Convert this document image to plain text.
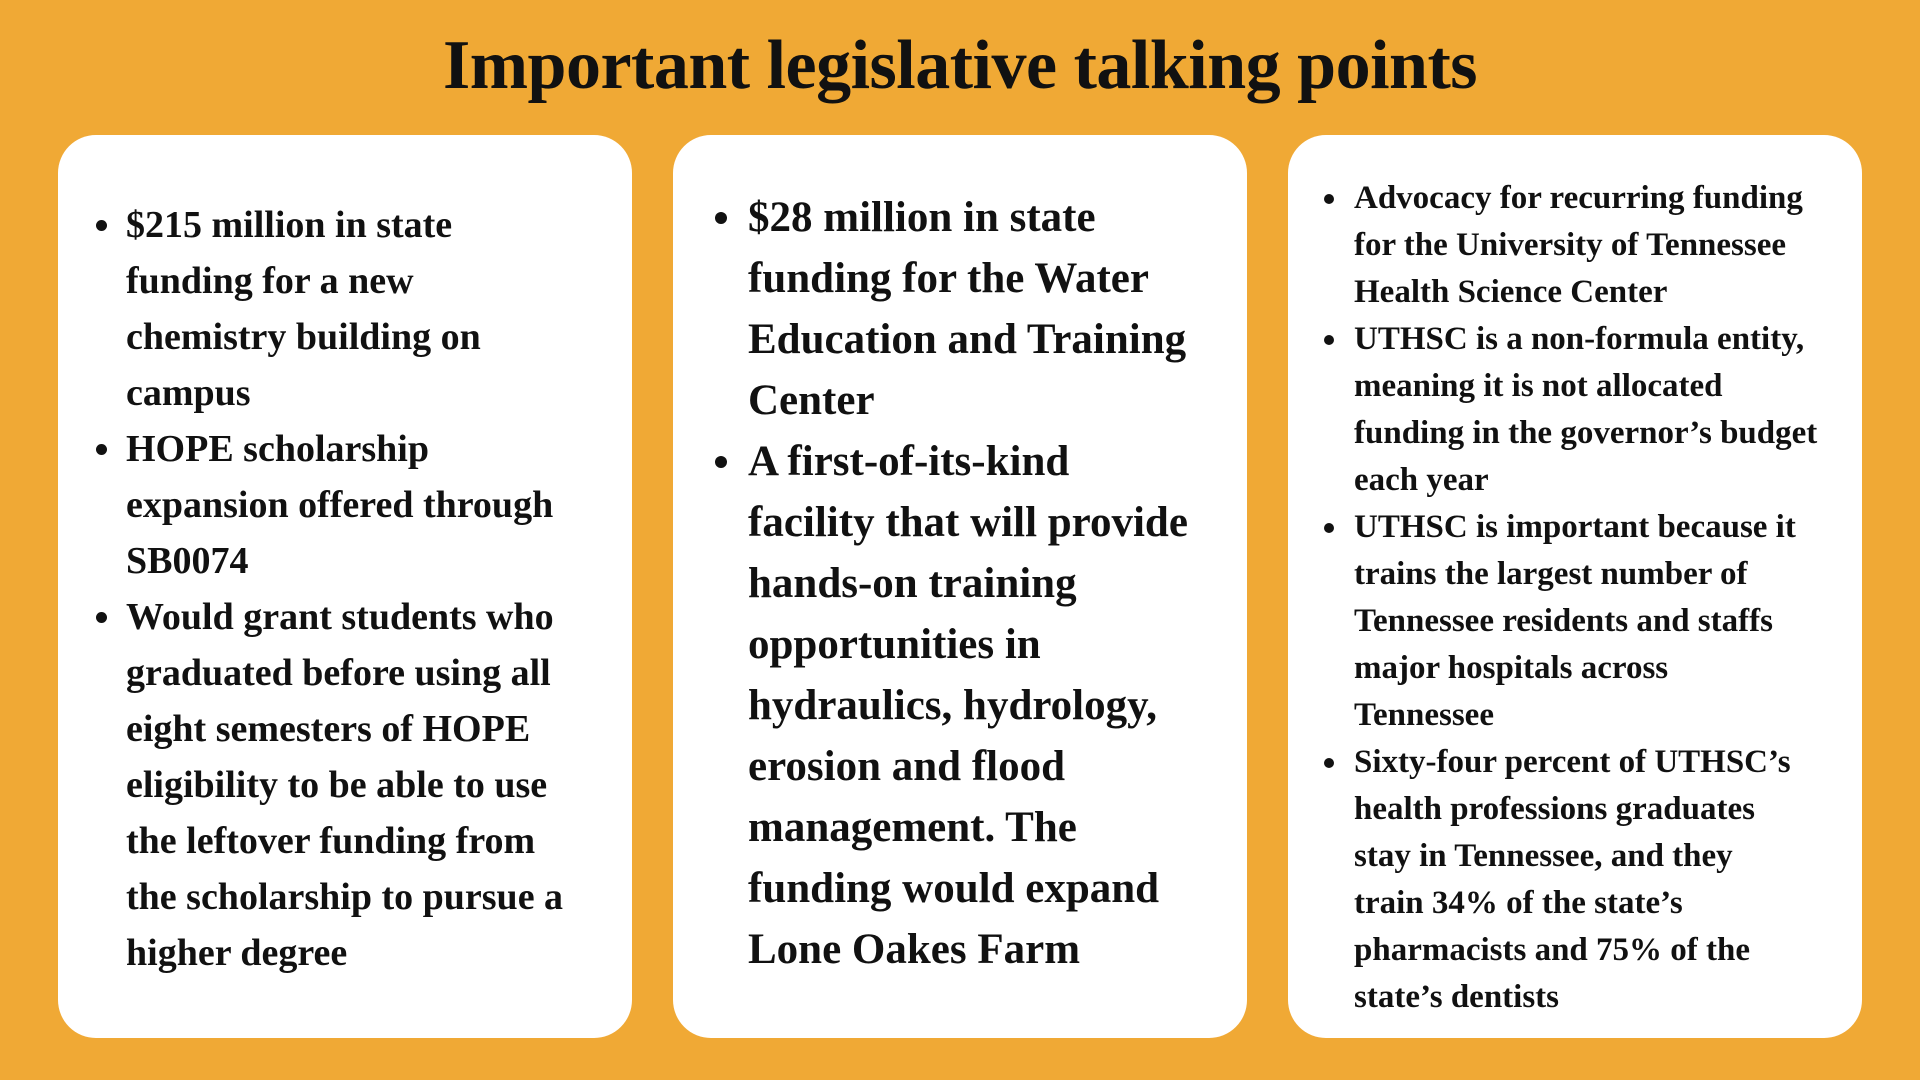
Important legislative talking points
$215 million in state
funding for a new
chemistry building on
campus
HOPE scholarship
expansion offered through
SB0074
Would grant students who
graduated before using all
eight semesters of HOPE
eligibility to be able to use
the leftover funding from
the scholarship to pursue a
higher degree
$28 million in state
funding for the Water
Education and Training
Center
A first-of-its-kind
facility that will provide
hands-on training
opportunities in
hydraulics, hydrology,
erosion and flood
management. The
funding would expand
Lone Oakes Farm
Advocacy for recurring funding
for the University of Tennessee
Health Science Center
UTHSC is a non-formula entity,
meaning it is not allocated
funding in the governor’s budget
each year
UTHSC is important because it
trains the largest number of
Tennessee residents and staffs
major hospitals across
Tennessee
Sixty-four percent of UTHSC’s
health professions graduates
stay in Tennessee, and they
train 34% of the state’s
pharmacists and 75% of the
state’s dentists
